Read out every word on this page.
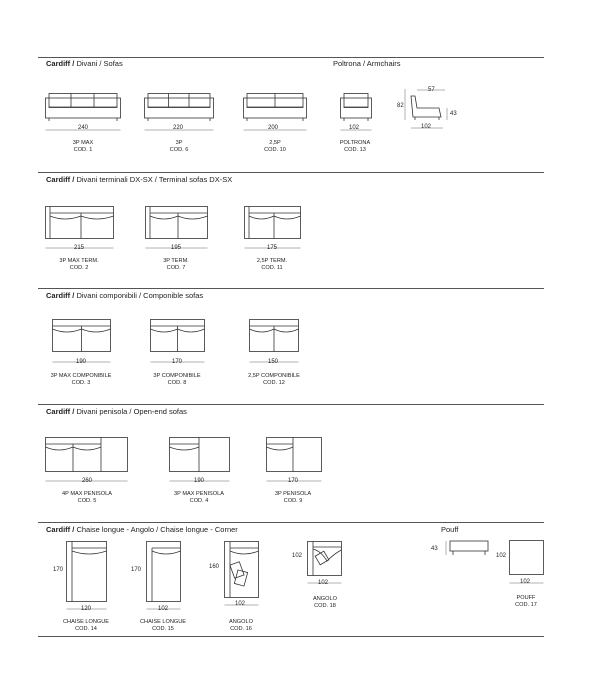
Cardiff / Divani / Sofas	Poltrona / Armchairs
240
3P MAX
COD. 1
220
3P
COD. 6
200
2,5P
COD. 10
102
POLTRONA
COD. 13
82
57
43
102
Cardiff / Divani terminali DX-SX / Terminal sofas DX-SX
215
3P MAX TERM.
COD. 2
195
3P TERM.
COD. 7
175
2,5P TERM.
COD. 11
Cardiff / Divani componibili / Componible sofas
190
3P MAX COMPONIBILE
COD. 3
170
3P COMPONIBILE
COD. 8
150
2,5P COMPONIBILE
COD. 12
Cardiff / Divani penisola / Open-end sofas
260
4P MAX PENISOLA
COD. 5
190
3P MAX PENISOLA
COD. 4
170
3P PENISOLA
COD. 9
Cardiff / Chaise longue - Angolo / Chaise longue - Corner	Pouff
170
120
CHAISE LONGUE
COD. 14
170
102
CHAISE LONGUE
COD. 15
160
102
ANGOLO
COD. 16
102
102
ANGOLO
COD. 18
43
102
102
POUFF
COD. 17
